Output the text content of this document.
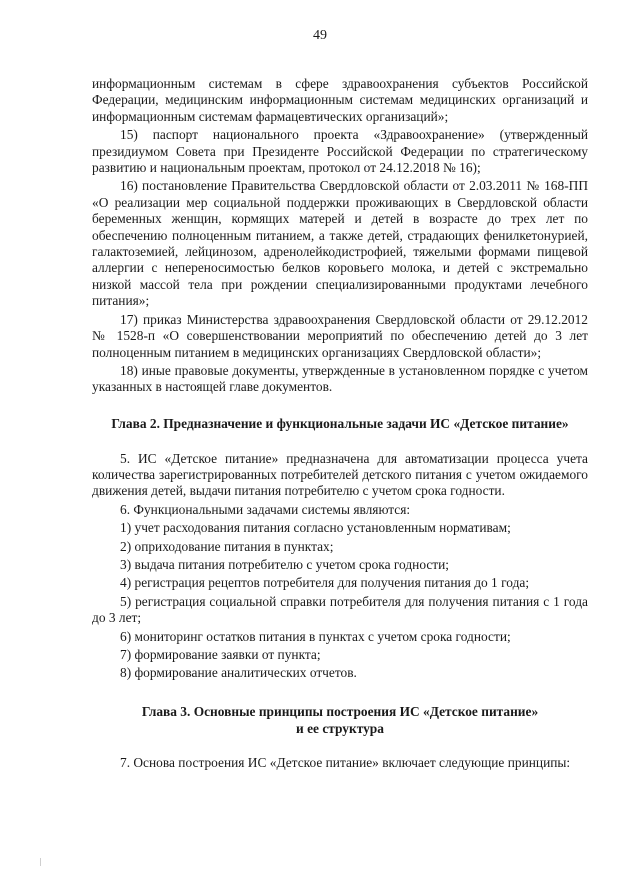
49

информационным системам в сфере здравоохранения субъектов Российской Федерации, медицинским информационным системам медицинских организаций и информационным системам фармацевтических организаций»;

15) паспорт национального проекта «Здравоохранение» (утвержденный президиумом Совета при Президенте Российской Федерации по стратегическому развитию и национальным проектам, протокол от 24.12.2018 № 16);

16) постановление Правительства Свердловской области от 2.03.2011 № 168-ПП «О реализации мер социальной поддержки проживающих в Свердловской области беременных женщин, кормящих матерей и детей в возрасте до трех лет по обеспечению полноценным питанием, а также детей, страдающих фенилкетонурией, галактоземией, лейцинозом, адренолейкодистрофией, тяжелыми формами пищевой аллергии с непереносимостью белков коровьего молока, и детей с экстремально низкой массой тела при рождении специализированными продуктами лечебного питания»;

17) приказ Министерства здравоохранения Свердловской области от 29.12.2012 № 1528-п «О совершенствовании мероприятий по обеспечению детей до 3 лет полноценным питанием в медицинских организациях Свердловской области»;

18) иные правовые документы, утвержденные в установленном порядке с учетом указанных в настоящей главе документов.

Глава 2. Предназначение и функциональные задачи ИС «Детское питание»

5. ИС «Детское питание» предназначена для автоматизации процесса учета количества зарегистрированных потребителей детского питания с учетом ожидаемого движения детей, выдачи питания потребителю с учетом срока годности.

6. Функциональными задачами системы являются:

1) учет расходования питания согласно установленным нормативам;

2) оприходование питания в пунктах;

3) выдача питания потребителю с учетом срока годности;

4) регистрация рецептов потребителя для получения питания до 1 года;

5) регистрация социальной справки потребителя для получения питания с 1 года до 3 лет;

6) мониторинг остатков питания в пунктах с учетом срока годности;

7) формирование заявки от пункта;

8) формирование аналитических отчетов.

Глава 3. Основные принципы построения ИС «Детское питание»

и ее структура

7. Основа построения ИС «Детское питание» включает следующие принципы:
